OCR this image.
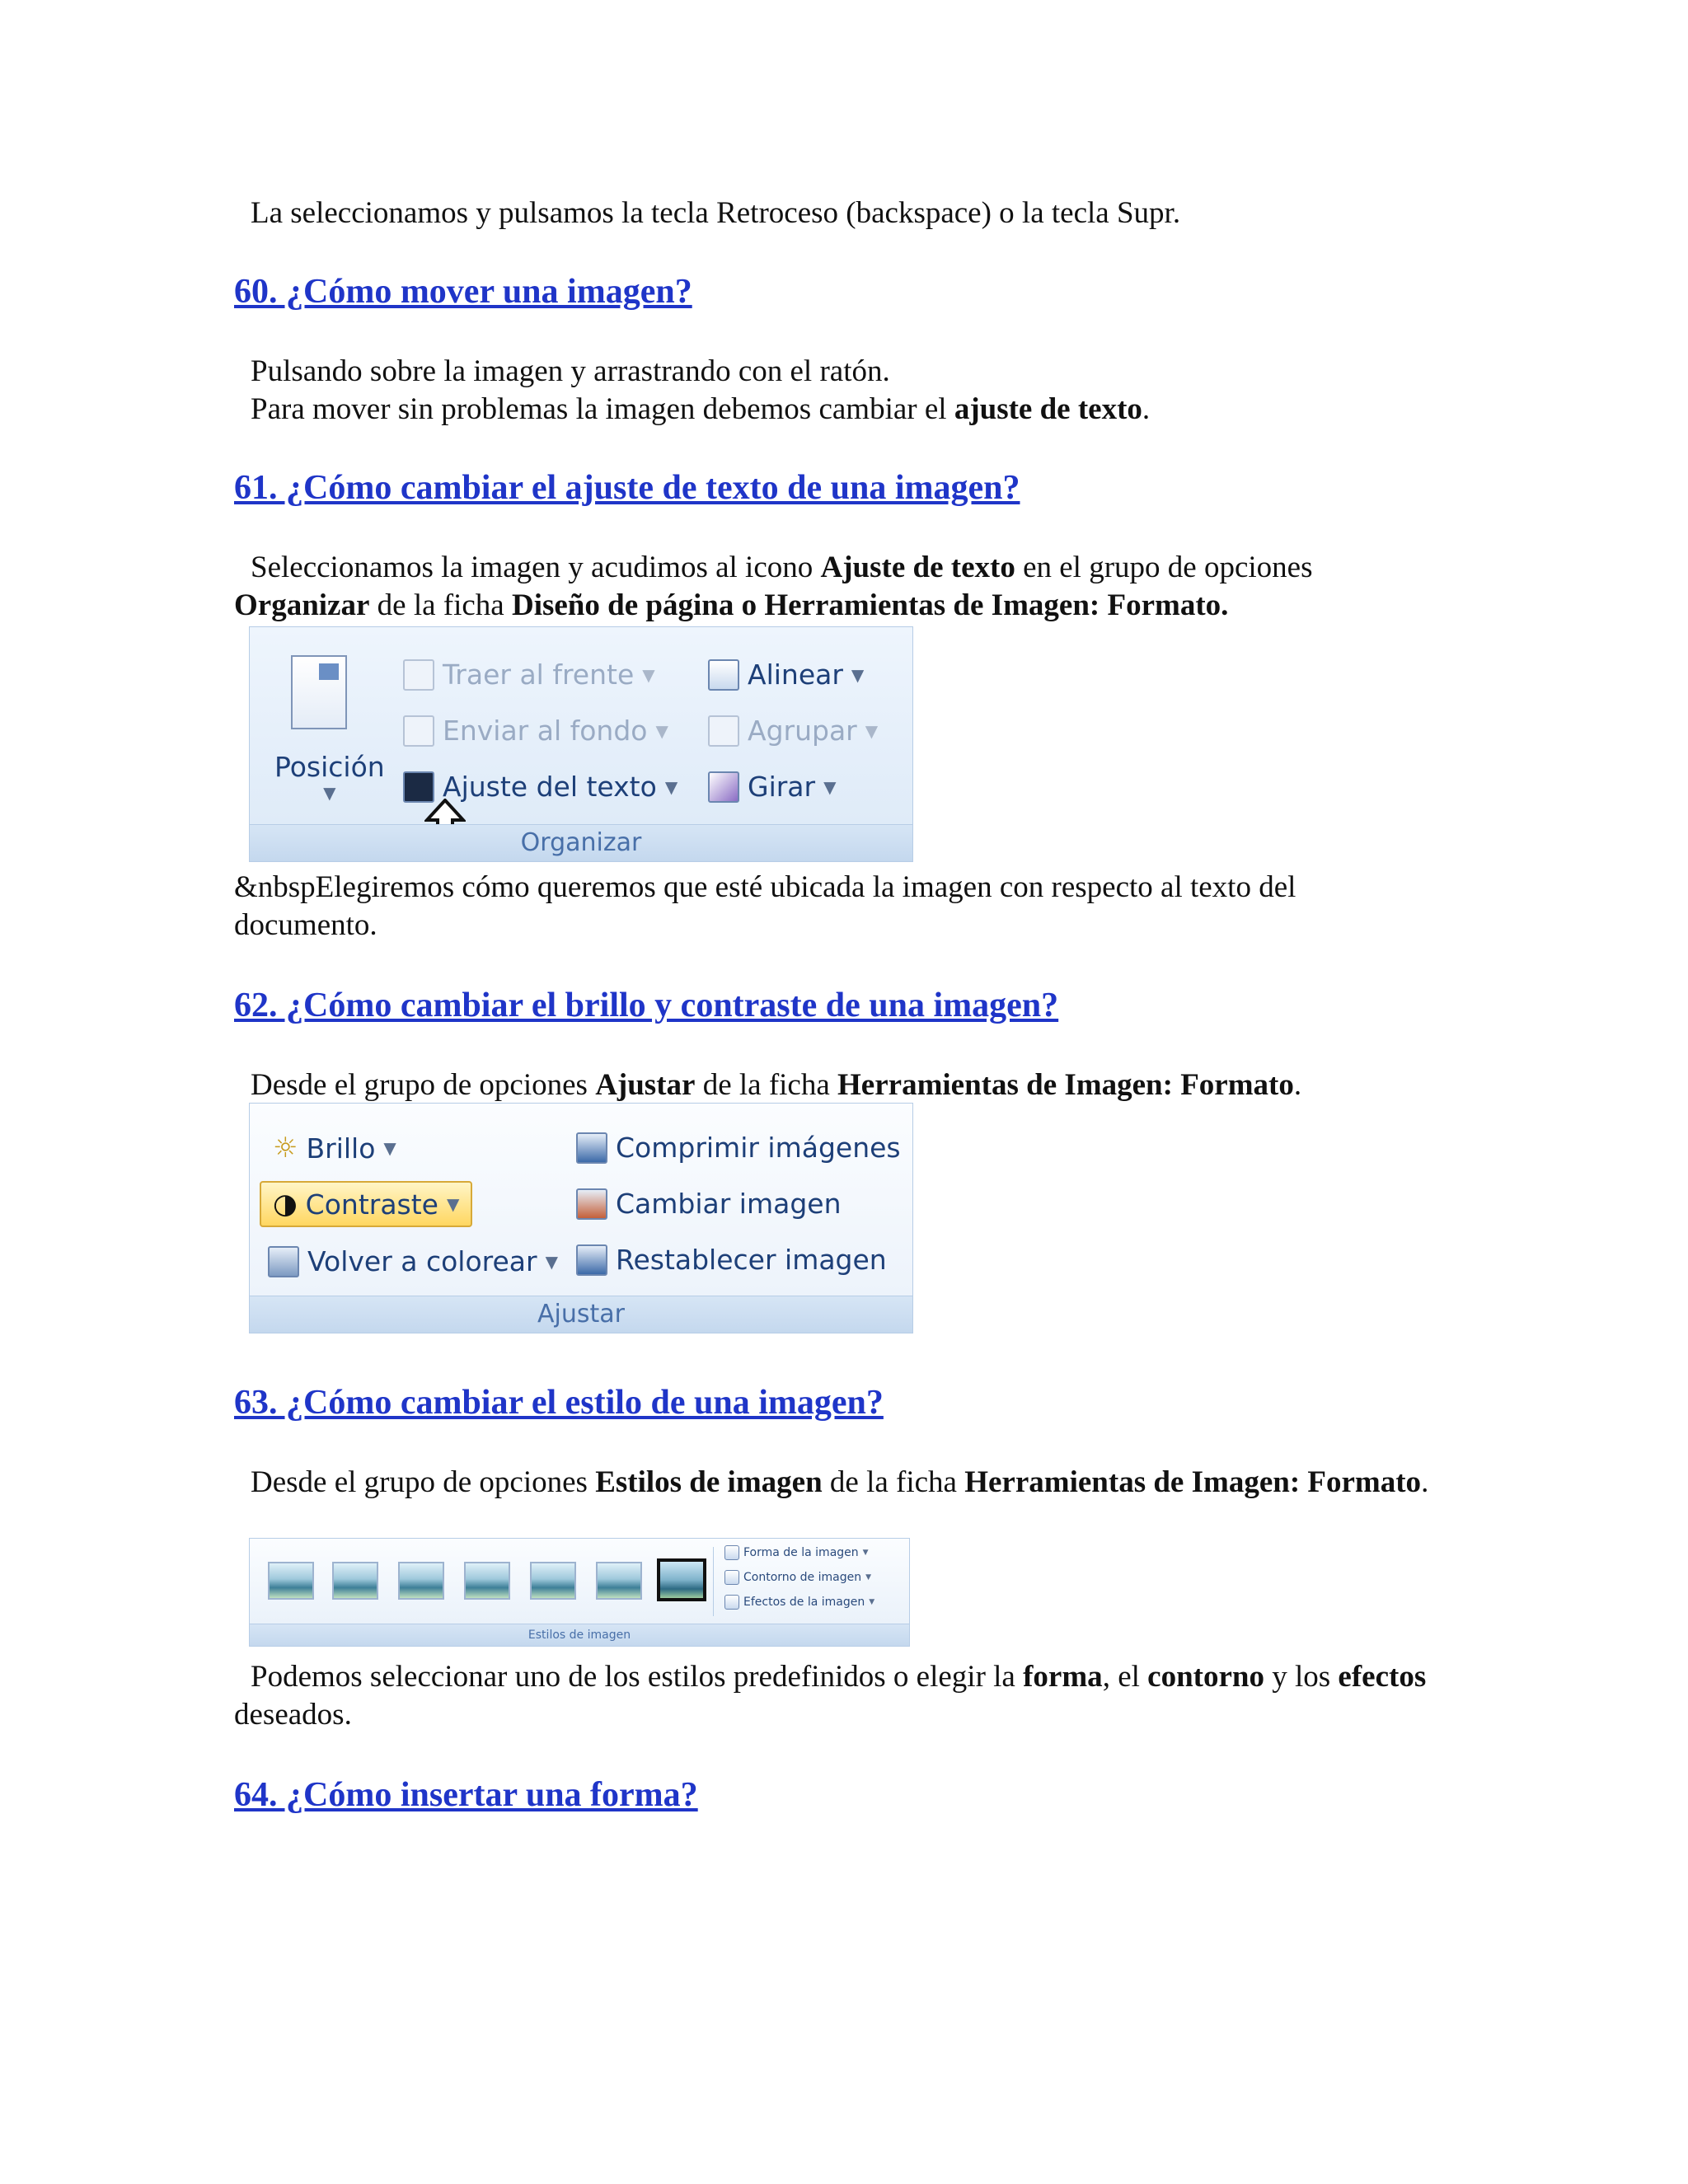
La seleccionamos y pulsamos la tecla Retroceso (backspace) o la tecla Supr.

60. ¿Cómo mover una imagen?

Pulsando sobre la imagen y arrastrando con el ratón.

Para mover sin problemas la imagen debemos cambiar el ajuste de texto.

61. ¿Cómo cambiar el ajuste de texto de una imagen?

Seleccionamos la imagen y acudimos al icono Ajuste de texto en el grupo de opciones Organizar de la ficha Diseño de página o Herramientas de Imagen: Formato.

Posición
▼
Traer al frente ▼
Enviar al fondo ▼
Ajuste del texto ▼
Alinear ▼
Agrupar ▼
Girar ▼
Organizar

&nbspElegiremos cómo queremos que esté ubicada la imagen con respecto al texto del documento.

62. ¿Cómo cambiar el brillo y contraste de una imagen?

Desde el grupo de opciones Ajustar de la ficha Herramientas de Imagen: Formato.

☼ Brillo ▼
◑ Contraste ▼
Volver a colorear ▼
Comprimir imágenes
Cambiar imagen
Restablecer imagen
Ajustar
63. ¿Cómo cambiar el estilo de una imagen?

Desde el grupo de opciones Estilos de imagen de la ficha Herramientas de Imagen: Formato.

Forma de la imagen ▼
Contorno de imagen ▼
Efectos de la imagen ▼
Estilos de imagen

Podemos seleccionar uno de los estilos predefinidos o elegir la forma, el contorno y los efectos deseados.

64. ¿Cómo insertar una forma?
